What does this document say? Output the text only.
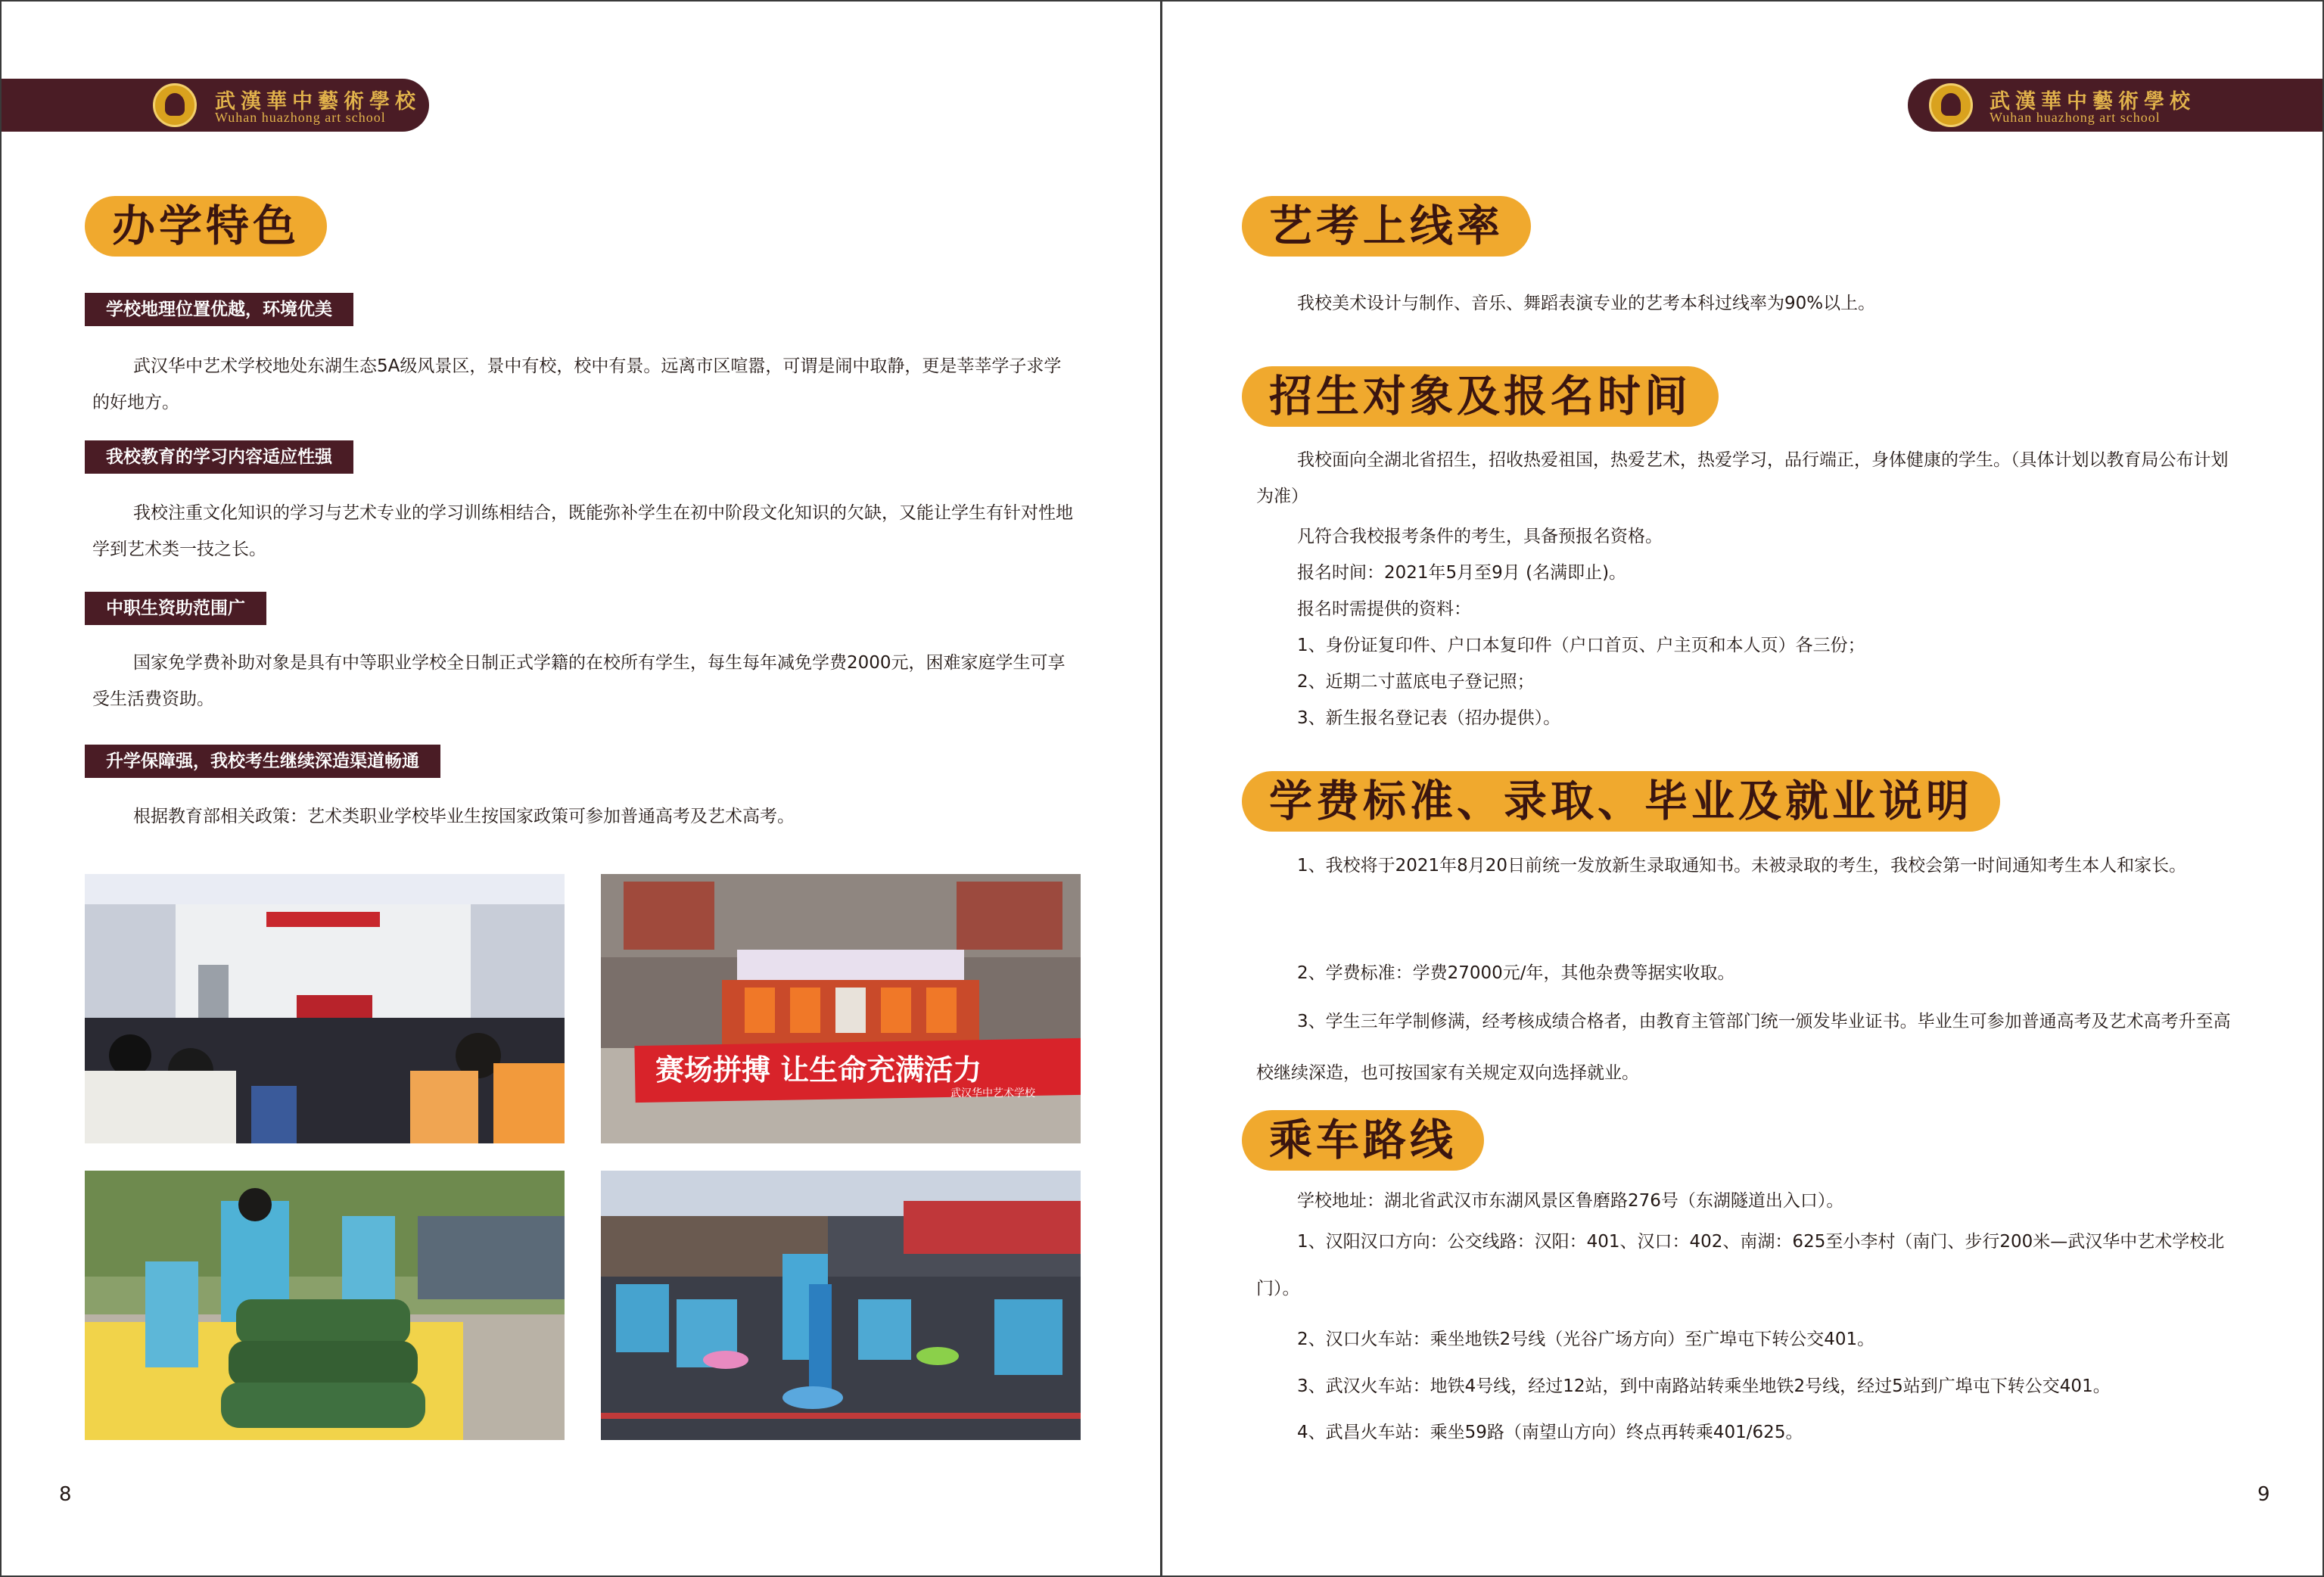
武漢華中藝術學校
Wuhan huazhong art school
办学特色
学校地理位置优越，环境优美
武汉华中艺术学校地处东湖生态5A级风景区，景中有校，校中有景。远离市区喧嚣，可谓是闹中取静，更是莘莘学子求学的好地方。
我校教育的学习内容适应性强
我校注重文化知识的学习与艺术专业的学习训练相结合，既能弥补学生在初中阶段文化知识的欠缺，又能让学生有针对性地学到艺术类一技之长。
中职生资助范围广
国家免学费补助对象是具有中等职业学校全日制正式学籍的在校所有学生，每生每年减免学费2000元，困难家庭学生可享受生活费资助。
升学保障强，我校考生继续深造渠道畅通
根据教育部相关政策：艺术类职业学校毕业生按国家政策可参加普通高考及艺术高考。
赛场拼搏 让生命充满活力
武汉华中艺术学校
8
武漢華中藝術學校
Wuhan huazhong art school
艺考上线率
我校美术设计与制作、音乐、舞蹈表演专业的艺考本科过线率为90%以上。
招生对象及报名时间
我校面向全湖北省招生，招收热爱祖国，热爱艺术，热爱学习，品行端正，身体健康的学生。（具体计划以教育局公布计划为准）
凡符合我校报考条件的考生，具备预报名资格。
报名时间：2021年5月至9月 (名满即止)。
报名时需提供的资料：
1、身份证复印件、户口本复印件（户口首页、户主页和本人页）各三份；
2、近期二寸蓝底电子登记照；
3、新生报名登记表（招办提供）。
学费标准、录取、毕业及就业说明
1、我校将于2021年8月20日前统一发放新生录取通知书。未被录取的考生，我校会第一时间通知考生本人和家长。
2、学费标准：学费27000元/年，其他杂费等据实收取。
3、学生三年学制修满，经考核成绩合格者，由教育主管部门统一颁发毕业证书。毕业生可参加普通高考及艺术高考升至高校继续深造，也可按国家有关规定双向选择就业。
乘车路线
学校地址：湖北省武汉市东湖风景区鲁磨路276号（东湖隧道出入口）。
1、汉阳汉口方向：公交线路：汉阳：401、汉口：402、南湖：625至小李村（南门、步行200米—武汉华中艺术学校北门）。
2、汉口火车站：乘坐地铁2号线（光谷广场方向）至广埠屯下转公交401。
3、武汉火车站：地铁4号线，经过12站，到中南路站转乘坐地铁2号线，经过5站到广埠屯下转公交401。
4、武昌火车站：乘坐59路（南望山方向）终点再转乘401/625。
9
